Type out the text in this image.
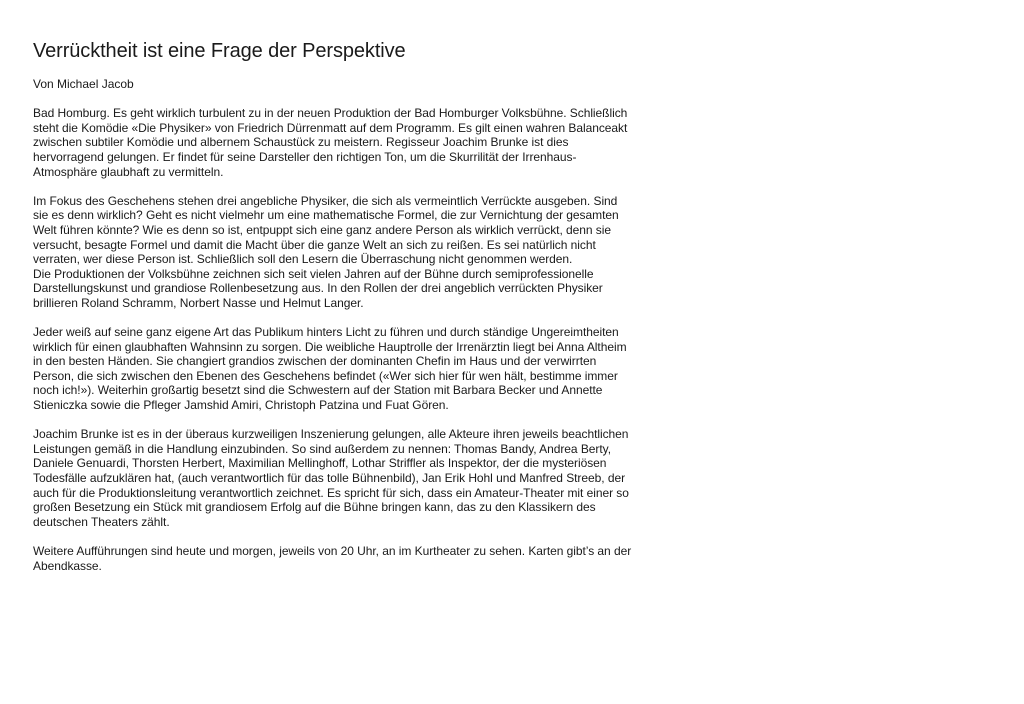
Verrücktheit ist eine Frage der Perspektive

Von Michael Jacob

Bad Homburg. Es geht wirklich turbulent zu in der neuen Produktion der Bad Homburger Volksbühne. Schließlich steht die Komödie «Die Physiker» von Friedrich Dürrenmatt auf dem Programm. Es gilt einen wahren Balanceakt zwischen subtiler Komödie und albernem Schaustück zu meistern. Regisseur Joachim Brunke ist dies hervorragend gelungen. Er findet für seine Darsteller den richtigen Ton, um die Skurrilität der Irrenhaus-Atmosphäre glaubhaft zu vermitteln.

Im Fokus des Geschehens stehen drei angebliche Physiker, die sich als vermeintlich Verrückte ausgeben. Sind sie es denn wirklich? Geht es nicht vielmehr um eine mathematische Formel, die zur Vernichtung der gesamten Welt führen könnte? Wie es denn so ist, entpuppt sich eine ganz andere Person als wirklich verrückt, denn sie versucht, besagte Formel und damit die Macht über die ganze Welt an sich zu reißen. Es sei natürlich nicht verraten, wer diese Person ist. Schließlich soll den Lesern die Überraschung nicht genommen werden.

Die Produktionen der Volksbühne zeichnen sich seit vielen Jahren auf der Bühne durch semiprofessionelle Darstellungskunst und grandiose Rollenbesetzung aus. In den Rollen der drei angeblich verrückten Physiker brillieren Roland Schramm, Norbert Nasse und Helmut Langer.

Jeder weiß auf seine ganz eigene Art das Publikum hinters Licht zu führen und durch ständige Ungereimtheiten wirklich für einen glaubhaften Wahnsinn zu sorgen. Die weibliche Hauptrolle der Irrenärztin liegt bei Anna Altheim in den besten Händen. Sie changiert grandios zwischen der dominanten Chefin im Haus und der verwirrten Person, die sich zwischen den Ebenen des Geschehens befindet («Wer sich hier für wen hält, bestimme immer noch ich!»). Weiterhin großartig besetzt sind die Schwestern auf der Station mit Barbara Becker und Annette Stieniczka sowie die Pfleger Jamshid Amiri, Christoph Patzina und Fuat Gören.

Joachim Brunke ist es in der überaus kurzweiligen Inszenierung gelungen, alle Akteure ihren jeweils beachtlichen Leistungen gemäß in die Handlung einzubinden. So sind außerdem zu nennen: Thomas Bandy, Andrea Berty, Daniele Genuardi, Thorsten Herbert, Maximilian Mellinghoff, Lothar Striffler als Inspektor, der die mysteriösen Todesfälle aufzuklären hat, (auch verantwortlich für das tolle Bühnenbild), Jan Erik Hohl und Manfred Streeb, der auch für die Produktionsleitung verantwortlich zeichnet. Es spricht für sich, dass ein Amateur-Theater mit einer so großen Besetzung ein Stück mit grandiosem Erfolg auf die Bühne bringen kann, das zu den Klassikern des deutschen Theaters zählt.

Weitere Aufführungen sind heute und morgen, jeweils von 20 Uhr, an im Kurtheater zu sehen. Karten gibt’s an der Abendkasse.
